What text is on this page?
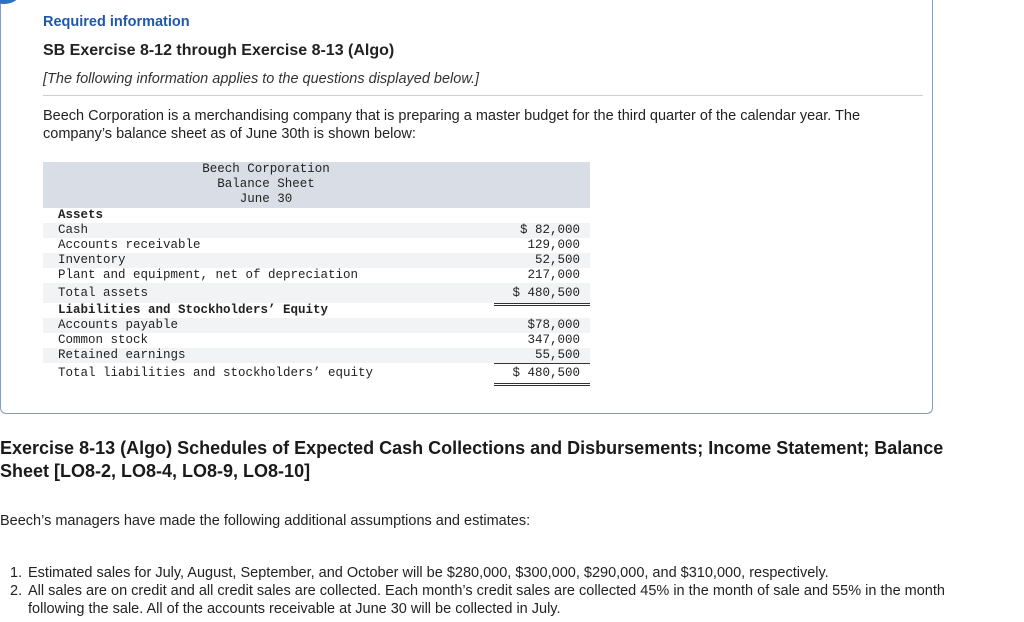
Required information
SB Exercise 8-12 through Exercise 8-13 (Algo)
[The following information applies to the questions displayed below.]
Beech Corporation is a merchandising company that is preparing a master budget for the third quarter of the calendar year. The company’s balance sheet as of June 30th is shown below:
Beech Corporation
Balance Sheet
June 30
Assets
Cash	$ 82,000
Accounts receivable	129,000
Inventory	52,500
Plant and equipment, net of depreciation	217,000
Total assets	$ 480,500
Liabilities and Stockholders’ Equity
Accounts payable	$78,000
Common stock	347,000
Retained earnings	55,500
Total liabilities and stockholders’ equity	$ 480,500
Exercise 8-13 (Algo) Schedules of Expected Cash Collections and Disbursements; Income Statement; Balance Sheet [LO8-2, LO8-4, LO8-9, LO8-10]
Beech’s managers have made the following additional assumptions and estimates:
1. Estimated sales for July, August, September, and October will be $280,000, $300,000, $290,000, and $310,000, respectively.
2. All sales are on credit and all credit sales are collected. Each month’s credit sales are collected 45% in the month of sale and 55% in the month following the sale. All of the accounts receivable at June 30 will be collected in July.
